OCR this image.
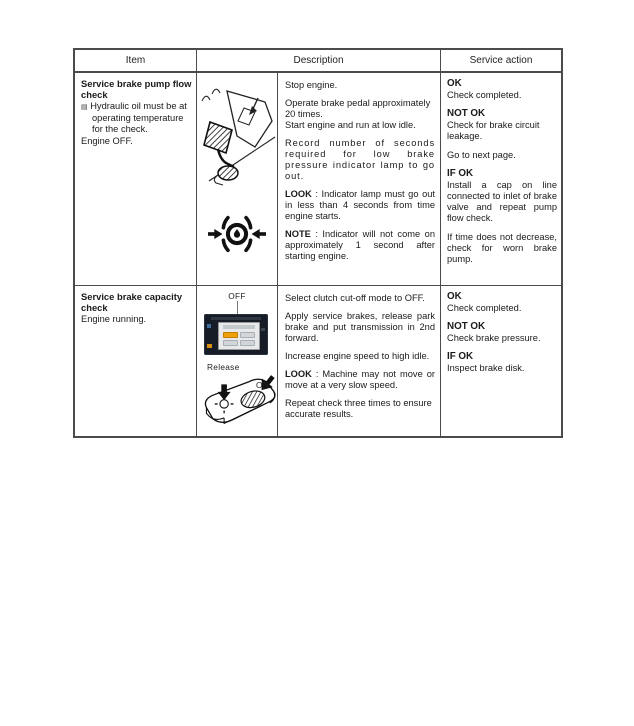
Item	Description	Service action
Service brake pump flow check
▤ Hydraulic oil must be at operating temperature for the check.
Engine OFF.
Stop engine.
Operate brake pedal approximately 20 times.
Start engine and run at low idle.
Record number of seconds required for low brake pressure indicator lamp to go out.
LOOK : Indicator lamp must go out in less than 4 seconds from time engine starts.
NOTE : Indicator will not come on approximately 1 second after starting engine.
OK
Check completed.
NOT OK
Check for brake circuit leakage.
Go to next page.
IF OK
Install a cap on line connected to inlet of brake valve and repeat pump flow check.
If time does not decrease, check for worn brake pump.
Service brake capacity check
Engine running.
OFF
Release
ON
Select clutch cut-off mode to OFF.
Apply service brakes, release park brake and put transmission in 2nd forward.
Increase engine speed to high idle.
LOOK : Machine may not move or move at a very slow speed.
Repeat check three times to ensure accurate results.
OK
Check completed.
NOT OK
Check brake pressure.
IF OK
Inspect brake disk.
